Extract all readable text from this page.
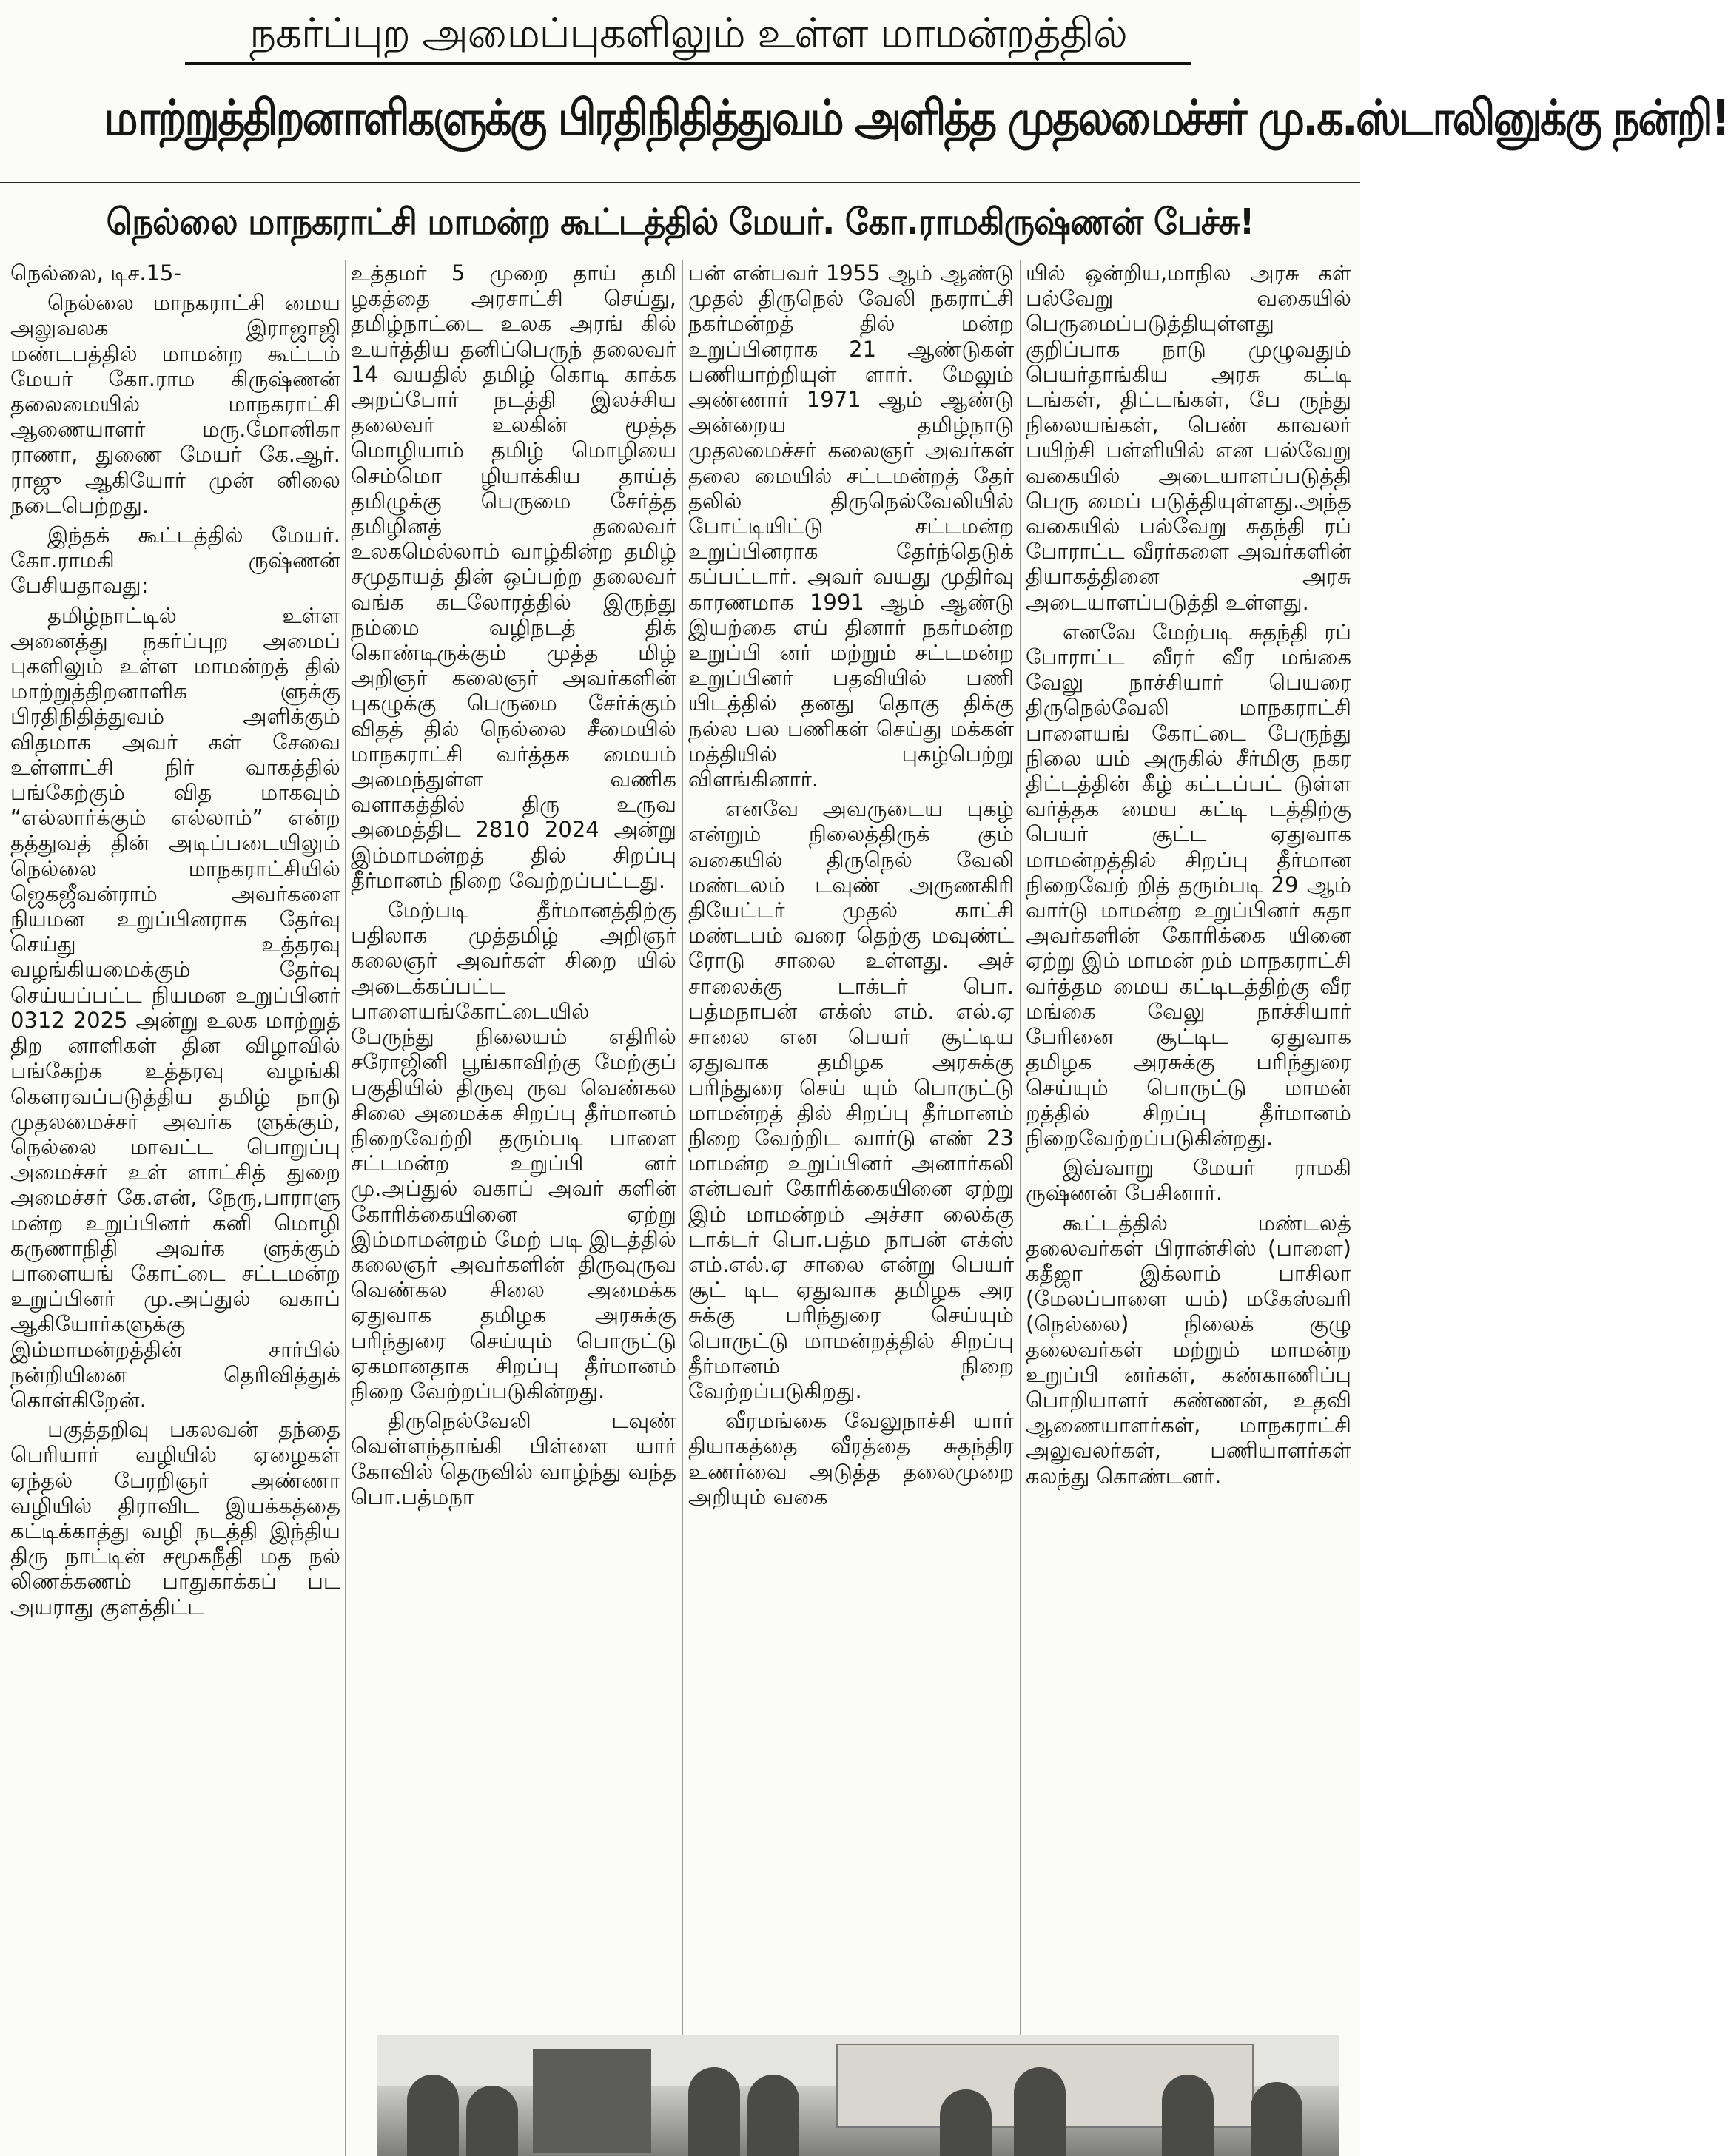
நகர்ப்புற அமைப்புகளிலும் உள்ள மாமன்றத்தில்
மாற்றுத்திறனாளிகளுக்கு பிரதிநிதித்துவம் அளித்த முதலமைச்சர் மு.க.ஸ்டாலினுக்கு நன்றி!
நெல்லை மாநகராட்சி மாமன்ற கூட்டத்தில் மேயர். கோ.ராமகிருஷ்ணன் பேச்சு!

நெல்லை, டிச.15-

நெல்லை மாநகராட்சி மைய அலுவலக இராஜாஜி மண்டபத்தில் மாமன்ற கூட்டம் மேயர் கோ.ராம கிருஷ்ணன் தலைமையில் மாநகராட்சி ஆணையாளர் மரு.மோனிகா ராணா, துணை மேயர் கே.ஆர். ராஜு ஆகியோர் முன் னிலை நடைபெற்றது.

இந்தக் கூட்டத்தில் மேயர். கோ.ராமகி ருஷ்ணன் பேசியதாவது:

தமிழ்நாட்டில் உள்ள அனைத்து நகர்ப்புற அமைப் புகளிலும் உள்ள மாமன்றத் தில் மாற்றுத்திறனாளிக ளுக்கு பிரதிநிதித்துவம் அளிக்கும் விதமாக அவர் கள் சேவை உள்ளாட்சி நிர் வாகத்தில் பங்கேற்கும் வித மாகவும் “எல்லார்க்கும் எல்லாம்” என்ற தத்துவத் தின் அடிப்படையிலும் நெல்லை மாநகராட்சியில் ஜெகஜீவன்ராம் அவர்களை நியமன உறுப்பினராக தேர்வு செய்து உத்தரவு வழங்கியமைக்கும் தேர்வு செய்யப்பட்ட நியமன உறுப்பினர் 0312 2025 அன்று உலக மாற்றுத் திற னாளிகள் தின விழாவில் பங்கேற்க உத்தரவு வழங்கி கௌரவப்படுத்திய தமிழ் நாடு முதலமைச்சர் அவர்க ளுக்கும், நெல்லை மாவட்ட பொறுப்பு அமைச்சர் உள் ளாட்சித் துறை அமைச்சர் கே.என், நேரு,பாராளு மன்ற உறுப்பினர் கனி மொழி கருணாநிதி அவர்க ளுக்கும் பாளையங் கோட்டை சட்டமன்ற உறுப்பினர் மு.அப்துல் வகாப் ஆகியோர்களுக்கு இம்மாமன்றத்தின் சார்பில் நன்றியினை தெரிவித்துக் கொள்கிறேன்.

பகுத்தறிவு பகலவன் தந்தை பெரியார் வழியில் ஏழைகள் ஏந்தல் பேரறிஞர் அண்ணா வழியில் திராவிட இயக்கத்தை கட்டிக்காத்து வழி நடத்தி இந்திய திரு நாட்டின் சமூகநீதி மத நல் லிணக்கணம் பாதுகாக்கப் பட அயராது குளத்திட்ட

உத்தமர் 5 முறை தாய் தமி ழகத்தை அரசாட்சி செய்து, தமிழ்நாட்டை உலக அரங் கில் உயர்த்திய தனிப்பெருந் தலைவர் 14 வயதில் தமிழ் கொடி காக்க அறப்போர் நடத்தி இலச்சிய தலைவர் உலகின் மூத்த மொழியாம் தமிழ் மொழியை செம்மொ ழியாக்கிய தாய்த் தமிழுக்கு பெருமை சேர்த்த தமிழினத் தலைவர் உலகமெல்லாம் வாழ்கின்ற தமிழ் சமுதாயத் தின் ஒப்பற்ற தலைவர் வங்க கடலோரத்தில் இருந்து நம்மை வழிநடத் திக் கொண்டிருக்கும் முத்த மிழ் அறிஞர் கலைஞர் அவர்களின் புகழுக்கு பெருமை சேர்க்கும் விதத் தில் நெல்லை சீமையில் மாநகராட்சி வர்த்தக மையம் அமைந்துள்ள வணிக வளாகத்தில் திரு உருவ அமைத்திட 2810 2024 அன்று இம்மாமன்றத் தில் சிறப்பு தீர்மானம் நிறை வேற்றப்பட்டது.

மேற்படி தீர்மானத்திற்கு பதிலாக முத்தமிழ் அறிஞர் கலைஞர் அவர்கள் சிறை யில் அடைக்கப்பட்ட பாளையங்கோட்டையில் பேருந்து நிலையம் எதிரில் சரோஜினி பூங்காவிற்கு மேற்குப் பகுதியில் திருவு ருவ வெண்கல சிலை அமைக்க சிறப்பு தீர்மானம் நிறைவேற்றி தரும்படி பாளை சட்டமன்ற உறுப்பி னர் மு.அப்துல் வகாப் அவர் களின் கோரிக்கையினை ஏற்று இம்மாமன்றம் மேற் படி இடத்தில் கலைஞர் அவர்களின் திருவுருவ வெண்கல சிலை அமைக்க ஏதுவாக தமிழக அரசுக்கு பரிந்துரை செய்யும் பொருட்டு ஏகமானதாக சிறப்பு தீர்மானம் நிறை வேற்றப்படுகின்றது.

திருநெல்வேலி டவுண் வெள்ளந்தாங்கி பிள்ளை யார் கோவில் தெருவில் வாழ்ந்து வந்த பொ.பத்மநா

பன் என்பவர் 1955 ஆம் ஆண்டு முதல் திருநெல் வேலி நகராட்சி நகர்மன்றத் தில் மன்ற உறுப்பினராக 21 ஆண்டுகள் பணியாற்றியுள் ளார். மேலும் அண்ணார் 1971 ஆம் ஆண்டு அன்றைய தமிழ்நாடு முதலமைச்சர் கலைஞர் அவர்கள் தலை மையில் சட்டமன்றத் தேர் தலில் திருநெல்வேலியில் போட்டியிட்டு சட்டமன்ற உறுப்பினராக தேர்ந்தெடுக் கப்பட்டார். அவர் வயது முதிர்வு காரணமாக 1991 ஆம் ஆண்டு இயற்கை எய் தினார் நகர்மன்ற உறுப்பி னர் மற்றும் சட்டமன்ற உறுப்பினர் பதவியில் பணி யிடத்தில் தனது தொகு திக்கு நல்ல பல பணிகள் செய்து மக்கள் மத்தியில் புகழ்பெற்று விளங்கினார்.

எனவே அவருடைய புகழ் என்றும் நிலைத்திருக் கும் வகையில் திருநெல் வேலி மண்டலம் டவுண் அருணகிரி தியேட்டர் முதல் காட்சி மண்டபம் வரை தெற்கு மவுண்ட் ரோடு சாலை உள்ளது. அச் சாலைக்கு டாக்டர் பொ. பத்மநாபன் எக்ஸ் எம். எல்.ஏ சாலை என பெயர் சூட்டிய ஏதுவாக தமிழக அரசுக்கு பரிந்துரை செய் யும் பொருட்டு மாமன்றத் தில் சிறப்பு தீர்மானம் நிறை வேற்றிட வார்டு எண் 23 மாமன்ற உறுப்பினர் அனார்கலி என்பவர் கோரிக்கையினை ஏற்று இம் மாமன்றம் அச்சா லைக்கு டாக்டர் பொ.பத்ம நாபன் எக்ஸ் எம்.எல்.ஏ சாலை என்று பெயர் சூட் டிட ஏதுவாக தமிழக அர சுக்கு பரிந்துரை செய்யும் பொருட்டு மாமன்றத்தில் சிறப்பு தீர்மானம் நிறை வேற்றப்படுகிறது.

வீரமங்கை வேலுநாச்சி யார் தியாகத்தை வீரத்தை சுதந்திர உணர்வை அடுத்த தலைமுறை அறியும் வகை

யில் ஒன்றிய,மாநில அரசு கள் பல்வேறு வகையில் பெருமைப்படுத்தியுள்ளது குறிப்பாக நாடு முழுவதும் பெயர்தாங்கிய அரசு கட்டி டங்கள், திட்டங்கள், பே ருந்து நிலையங்கள், பெண் காவலர் பயிற்சி பள்ளியில் என பல்வேறு வகையில் அடையாளப்படுத்தி பெரு மைப் படுத்தியுள்ளது.அந்த வகையில் பல்வேறு சுதந்தி ரப் போராட்ட வீரர்களை அவர்களின் தியாகத்தினை அரசு அடையாளப்படுத்தி உள்ளது.

எனவே மேற்படி சுதந்தி ரப் போராட்ட வீரர் வீர மங்கை வேலு நாச்சியார் பெயரை திருநெல்வேலி மாநகராட்சி பாளையங் கோட்டை பேருந்து நிலை யம் அருகில் சீர்மிகு நகர திட்டத்தின் கீழ் கட்டப்பட் டுள்ள வர்த்தக மைய கட்டி டத்திற்கு பெயர் சூட்ட ஏதுவாக மாமன்றத்தில் சிறப்பு தீர்மான நிறைவேற் றித் தரும்படி 29 ஆம் வார்டு மாமன்ற உறுப்பினர் சுதா அவர்களின் கோரிக்கை யினை ஏற்று இம் மாமன் றம் மாநகராட்சி வர்த்தம மைய கட்டிடத்திற்கு வீர மங்கை வேலு நாச்சியார் பேரினை சூட்டிட ஏதுவாக தமிழக அரசுக்கு பரிந்துரை செய்யும் பொருட்டு மாமன் றத்தில் சிறப்பு தீர்மானம் நிறைவேற்றப்படுகின்றது.

இவ்வாறு மேயர் ராமகி ருஷ்ணன் பேசினார்.

கூட்டத்தில் மண்டலத் தலைவர்கள் பிரான்சிஸ் (பாளை) கதீஜா இக்லாம் பாசிலா (மேலப்பாளை யம்) மகேஸ்வரி (நெல்லை) நிலைக் குழு தலைவர்கள் மற்றும் மாமன்ற உறுப்பி னர்கள், கண்காணிப்பு பொறியாளர் கண்ணன், உதவி ஆணையாளர்கள், மாநகராட்சி அலுவலர்கள், பணியாளர்கள் கலந்து கொண்டனர்.
